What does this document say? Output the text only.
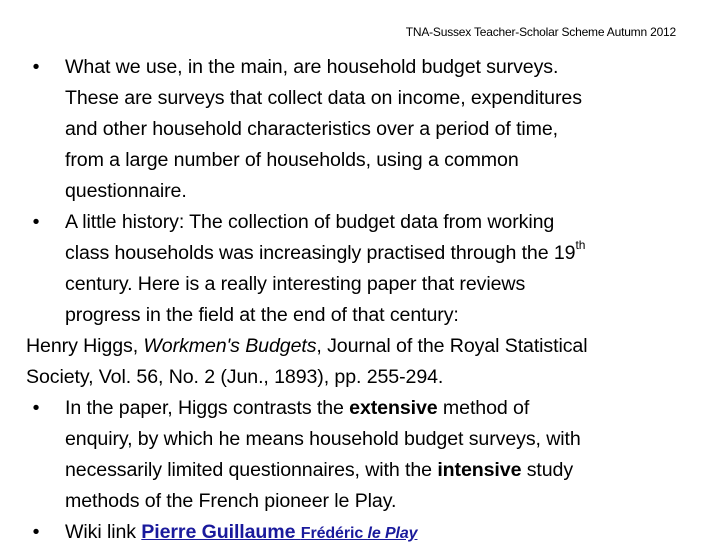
TNA-Sussex Teacher-Scholar Scheme Autumn 2012
•	What we use, in the main, are household budget surveys.
These are surveys that collect data on income, expenditures
and other household characteristics over a period of time,
from a large number of households, using a common
questionnaire.
•	A little history: The collection of budget data from working
class households was increasingly practised through the 19th
century. Here is a really interesting paper that reviews
progress in the field at the end of that century:
Henry Higgs, Workmen's Budgets, Journal of the Royal Statistical
Society, Vol. 56, No. 2 (Jun., 1893), pp. 255-294.
•	In the paper, Higgs contrasts the extensive method of
enquiry, by which he means household budget surveys, with
necessarily limited questionnaires, with the intensive study
methods of the French pioneer le Play.
•	Wiki link Pierre Guillaume Frédéric le Play
